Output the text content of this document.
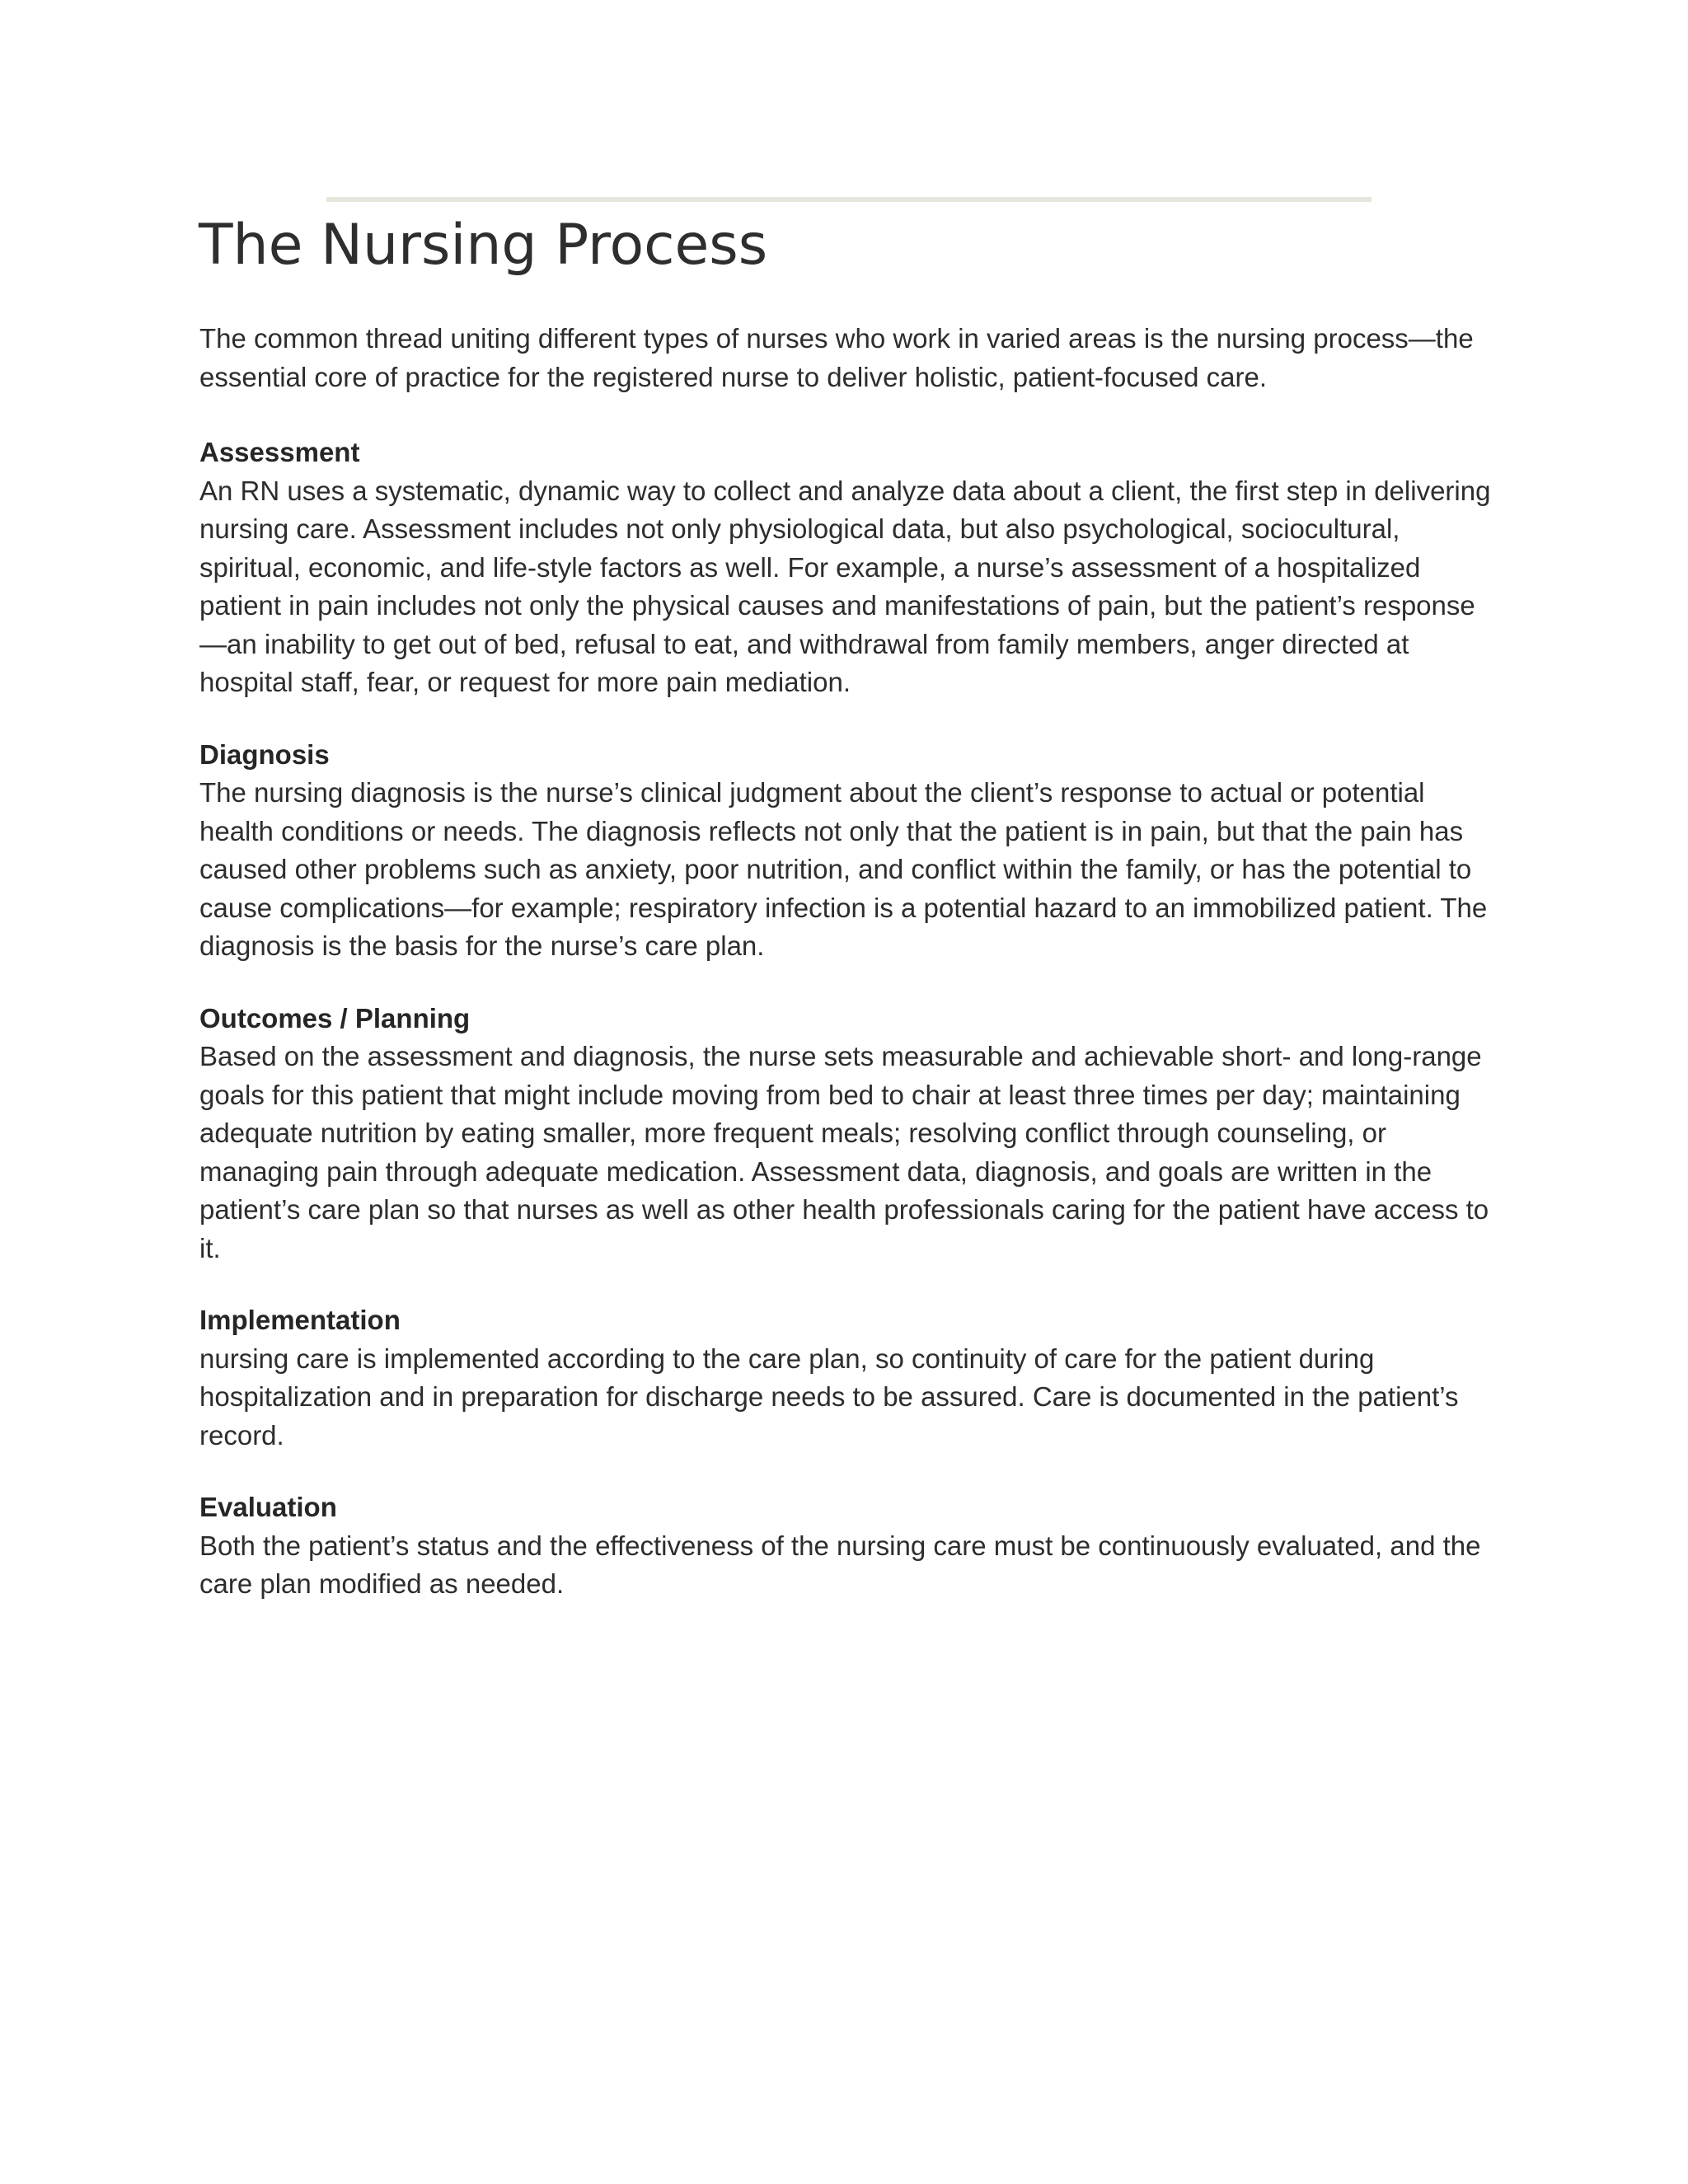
The Nursing Process

The common thread uniting different types of nurses who work in varied areas is the nursing process—the essential core of practice for the registered nurse to deliver holistic, patient-focused care.

Assessment

An RN uses a systematic, dynamic way to collect and analyze data about a client, the first step in delivering nursing care. Assessment includes not only physiological data, but also psychological, sociocultural, spiritual, economic, and life-style factors as well. For example, a nurse’s assessment of a hospitalized patient in pain includes not only the physical causes and manifestations of pain, but the patient’s response—an inability to get out of bed, refusal to eat, and withdrawal from family members, anger directed at hospital staff, fear, or request for more pain mediation.

Diagnosis

The nursing diagnosis is the nurse’s clinical judgment about the client’s response to actual or potential health conditions or needs. The diagnosis reflects not only that the patient is in pain, but that the pain has caused other problems such as anxiety, poor nutrition, and conflict within the family, or has the potential to cause complications—for example; respiratory infection is a potential hazard to an immobilized patient. The diagnosis is the basis for the nurse’s care plan.

Outcomes / Planning

Based on the assessment and diagnosis, the nurse sets measurable and achievable short- and long-range goals for this patient that might include moving from bed to chair at least three times per day; maintaining adequate nutrition by eating smaller, more frequent meals; resolving conflict through counseling, or managing pain through adequate medication. Assessment data, diagnosis, and goals are written in the patient’s care plan so that nurses as well as other health professionals caring for the patient have access to it.

Implementation

nursing care is implemented according to the care plan, so continuity of care for the patient during hospitalization and in preparation for discharge needs to be assured. Care is documented in the patient’s record.

Evaluation

Both the patient’s status and the effectiveness of the nursing care must be continuously evaluated, and the care plan modified as needed.
